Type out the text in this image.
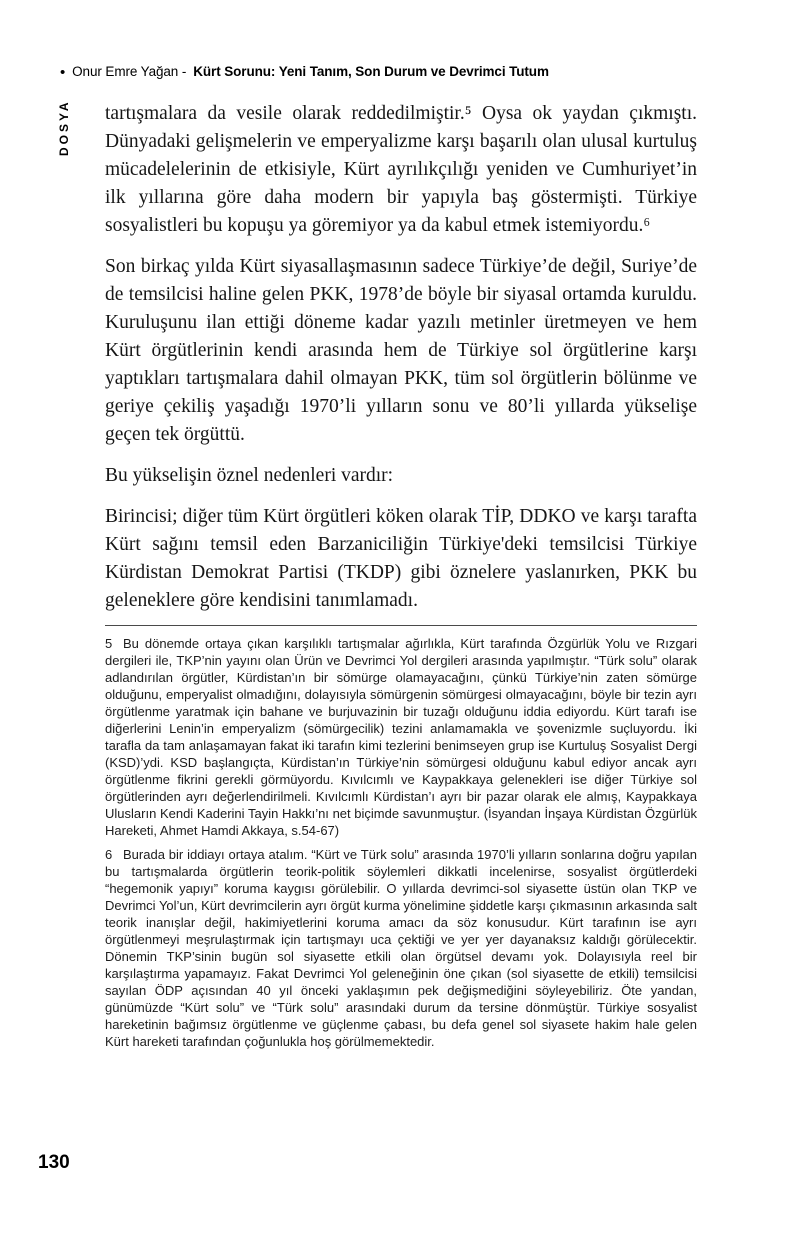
• Onur Emre Yağan - Kürt Sorunu: Yeni Tanım, Son Durum ve Devrimci Tutum
DOSYA tartışmalara da vesile olarak reddedilmiştir.⁵ Oysa ok yaydan çıkmıştı. Dünyadaki gelişmelerin ve emperyalizme karşı başarılı olan ulusal kurtuluş mücadelelerinin de etkisiyle, Kürt ayrılıkçılığı yeniden ve Cumhuriyet’in ilk yıllarına göre daha modern bir yapıyla baş göstermişti. Türkiye sosyalistleri bu kopuşu ya göremiyor ya da kabul etmek istemiyordu.⁶

Son birkaç yılda Kürt siyasallaşmasının sadece Türkiye’de değil, Suriye’de de temsilcisi haline gelen PKK, 1978’de böyle bir siyasal ortamda kuruldu. Kuruluşunu ilan ettiği döneme kadar yazılı metinler üretmeyen ve hem Kürt örgütlerinin kendi arasında hem de Türkiye sol örgütlerine karşı yaptıkları tartışmalara dahil olmayan PKK, tüm sol örgütlerin bölünme ve geriye çekiliş yaşadığı 1970’li yılların sonu ve 80’li yıllarda yükselişe geçen tek örgüttü.

Bu yükselişin öznel nedenleri vardır:

Birincisi; diğer tüm Kürt örgütleri köken olarak TİP, DDKO ve karşı tarafta Kürt sağını temsil eden Barzaniciliğin Türkiye'deki temsilcisi Türkiye Kürdistan Demokrat Partisi (TKDP) gibi öznelere yaslanırken, PKK bu geleneklere göre kendisini tanımlamadı.

5 Bu dönemde ortaya çıkan karşılıklı tartışmalar ağırlıkla, Kürt tarafında Özgürlük Yolu ve Rızgari dergileri ile, TKP’nin yayını olan Ürün ve Devrimci Yol dergileri arasında yapılmıştır. “Türk solu” olarak adlandırılan örgütler, Kürdistan’ın bir sömürge olamayacağını, çünkü Türkiye’nin zaten sömürge olduğunu, emperyalist olmadığını, dolayısıyla sömürgenin sömürgesi olmayacağını, böyle bir tezin ayrı örgütlenme yaratmak için bahane ve burjuvazinin bir tuzağı olduğunu iddia ediyordu. Kürt tarafı ise diğerlerini Lenin’in emperyalizm (sömürgecilik) tezini anlamamakla ve şovenizmle suçluyordu. İki tarafla da tam anlaşamayan fakat iki tarafın kimi tezlerini benimseyen grup ise Kurtuluş Sosyalist Dergi (KSD)’ydi. KSD başlangıçta, Kürdistan’ın Türkiye’nin sömürgesi olduğunu kabul ediyor ancak ayrı örgütlenme fikrini gerekli görmüyordu. Kıvılcımlı ve Kaypakkaya gelenekleri ise diğer Türkiye sol örgütlerinden ayrı değerlendirilmeli. Kıvılcımlı Kürdistan’ı ayrı bir pazar olarak ele almış, Kaypakkaya Ulusların Kendi Kaderini Tayin Hakkı’nı net biçimde savunmuştur. (İsyandan İnşaya Kürdistan Özgürlük Hareketi, Ahmet Hamdi Akkaya, s.54-67)
6 Burada bir iddiayı ortaya atalım. “Kürt ve Türk solu” arasında 1970’li yılların sonlarına doğru yapılan bu tartışmalarda örgütlerin teorik-politik söylemleri dikkatli incelenirse, sosyalist örgütlerdeki “hegemonik yapıyı” koruma kaygısı görülebilir. O yıllarda devrimci-sol siyasette üstün olan TKP ve Devrimci Yol’un, Kürt devrimcilerin ayrı örgüt kurma yönelimine şiddetle karşı çıkmasının arkasında salt teorik inanışlar değil, hakimiyetlerini koruma amacı da söz konusudur. Kürt tarafının ise ayrı örgütlenmeyi meşrulaştırmak için tartışmayı uca çektiği ve yer yer dayanaksız kaldığı görülecektir. Dönemin TKP’sinin bugün sol siyasette etkili olan örgütsel devamı yok. Dolayısıyla reel bir karşılaştırma yapamayız. Fakat Devrimci Yol geleneğinin öne çıkan (sol siyasette de etkili) temsilcisi sayılan ÖDP açısından 40 yıl önceki yaklaşımın pek değişmediğini söyleyebiliriz. Öte yandan, günümüzde “Kürt solu” ve “Türk solu” arasındaki durum da tersine dönmüştür. Türkiye sosyalist hareketinin bağımsız örgütlenme ve güçlenme çabası, bu defa genel sol siyasete hakim hale gelen Kürt hareketi tarafından çoğunlukla hoş görülmemektedir.
130
